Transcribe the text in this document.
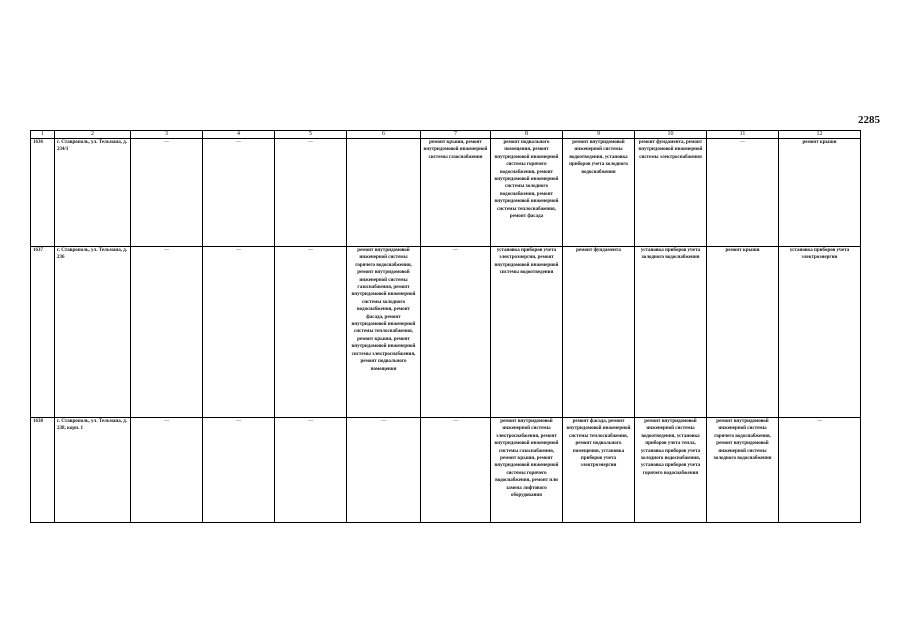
2285
1	2	3	4	5	6	7	8	9	10	11	12
1636	г. Ставрополь, ул. Тельмана, д. 234/1	—	—	—		ремонт крыши, ремонт внутридомовой инженерной системы газоснабжения	ремонт подвального помещения, ремонт внутридомовой инженерной системы горячего водоснабжения, ремонт внутридомовой инженерной системы холодного водоснабжения, ремонт внутридомовой инженерной системы теплоснабжения, ремонт фасада	ремонт внутридомовой инженерной системы водоотведения, установка приборов учета холодного водоснабжения	ремонт фундамента, ремонт внутридомовой инженерной системы электроснабжения	—	ремонт крыши
1637	г. Ставрополь, ул. Тельмана, д. 236	—	—	—	ремонт внутридомовой инженерной системы горячего водоснабжения, ремонт внутридомовой инженерной системы газоснабжения, ремонт внутридомовой инженерной системы холодного водоснабжения, ремонт фасада, ремонт внутридомовой инженерной системы теплоснабжения, ремонт крыши, ремонт внутридомовой инженерной системы электроснабжения, ремонт подвального помещения	—	установка приборов учета электроэнергии, ремонт внутридомовой инженерной системы водоотведения	ремонт фундамента	установка приборов учета холодного водоснабжения	ремонт крыши	установка приборов учета электроэнергии
1638	г. Ставрополь, ул. Тельмана, д. 238, корп. 1	—	—	—	—	—	ремонт внутридомовой инженерной системы электроснабжения, ремонт внутридомовой инженерной системы газоснабжения, ремонт крыши, ремонт внутридомовой инженерной системы горячего водоснабжения, ремонт или замена лифтового оборудования	ремонт фасада, ремонт внутридомовой инженерной системы теплоснабжения, ремонт подвального помещения, установка приборов учета электроэнергии	ремонт внутридомовой инженерной системы водоотведения, установка приборов учета тепла, установка приборов учета холодного водоснабжения, установка приборов учета горячего водоснабжения	ремонт внутридомовой инженерной системы горячего водоснабжения, ремонт внутридомовой инженерной системы холодного водоснабжения	—
